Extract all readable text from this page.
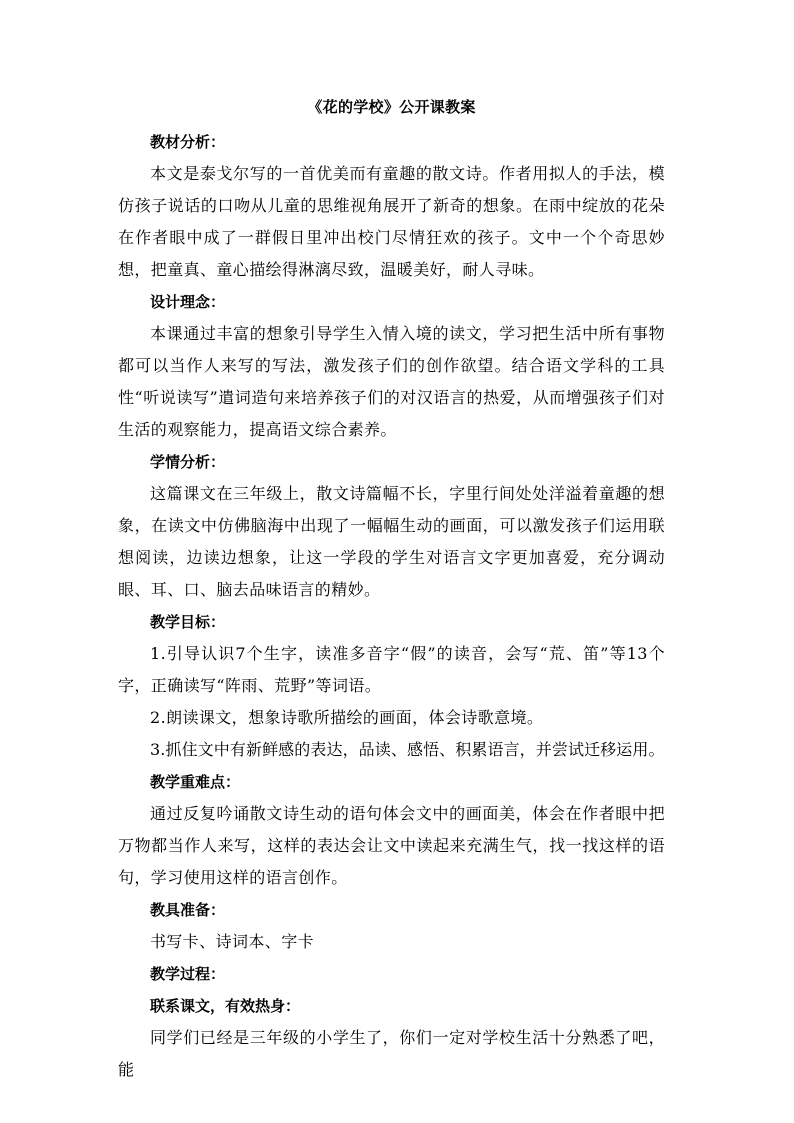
《花的学校》公开课教案

教材分析：

本文是泰戈尔写的一首优美而有童趣的散文诗。作者用拟人的手法，模仿孩子说话的口吻从儿童的思维视角展开了新奇的想象。在雨中绽放的花朵在作者眼中成了一群假日里冲出校门尽情狂欢的孩子。文中一个个奇思妙想，把童真、童心描绘得淋漓尽致，温暖美好，耐人寻味。

设计理念：

本课通过丰富的想象引导学生入情入境的读文，学习把生活中所有事物都可以当作人来写的写法，激发孩子们的创作欲望。结合语文学科的工具性“听说读写”遣词造句来培养孩子们的对汉语言的热爱，从而增强孩子们对生活的观察能力，提高语文综合素养。

学情分析：

这篇课文在三年级上，散文诗篇幅不长，字里行间处处洋溢着童趣的想象，在读文中仿佛脑海中出现了一幅幅生动的画面，可以激发孩子们运用联想阅读，边读边想象，让这一学段的学生对语言文字更加喜爱，充分调动眼、耳、口、脑去品味语言的精妙。

教学目标：

1.引导认识7个生字，读准多音字“假”的读音，会写“荒、笛”等13个字，正确读写“阵雨、荒野”等词语。

2.朗读课文，想象诗歌所描绘的画面，体会诗歌意境。

3.抓住文中有新鲜感的表达，品读、感悟、积累语言，并尝试迁移运用。

教学重难点：

通过反复吟诵散文诗生动的语句体会文中的画面美，体会在作者眼中把万物都当作人来写，这样的表达会让文中读起来充满生气，找一找这样的语句，学习使用这样的语言创作。

教具准备：

书写卡、诗词本、字卡

教学过程：

联系课文，有效热身：

同学们已经是三年级的小学生了，你们一定对学校生活十分熟悉了吧，能
